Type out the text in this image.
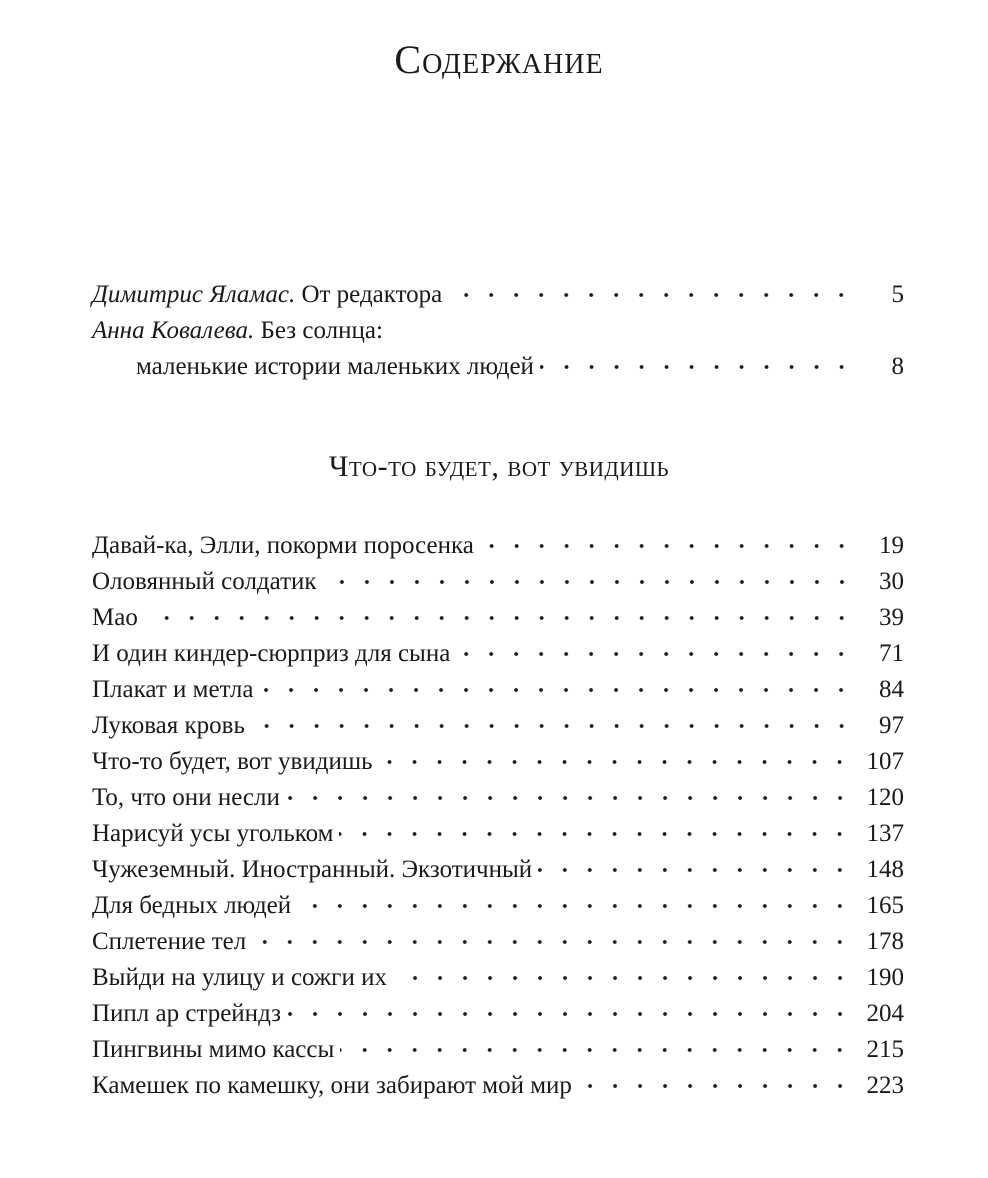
Содержание
Димитрис Яламас. От редактора	5
Анна Ковалева. Без солнца:
маленькие истории маленьких людей	8
Что-то будет, вот увидишь
Давай-ка, Элли, покорми поросенка	19
Оловянный солдатик	30
Мао	39
И один киндер-сюрприз для сына	71
Плакат и метла	84
Луковая кровь	97
Что-то будет, вот увидишь	107
То, что они несли	120
Нарисуй усы угольком	137
Чужеземный. Иностранный. Экзотичный	148
Для бедных людей	165
Сплетение тел	178
Выйди на улицу и сожги их	190
Пипл ар стрейндз	204
Пингвины мимо кассы	215
Камешек по камешку, они забирают мой мир	223
